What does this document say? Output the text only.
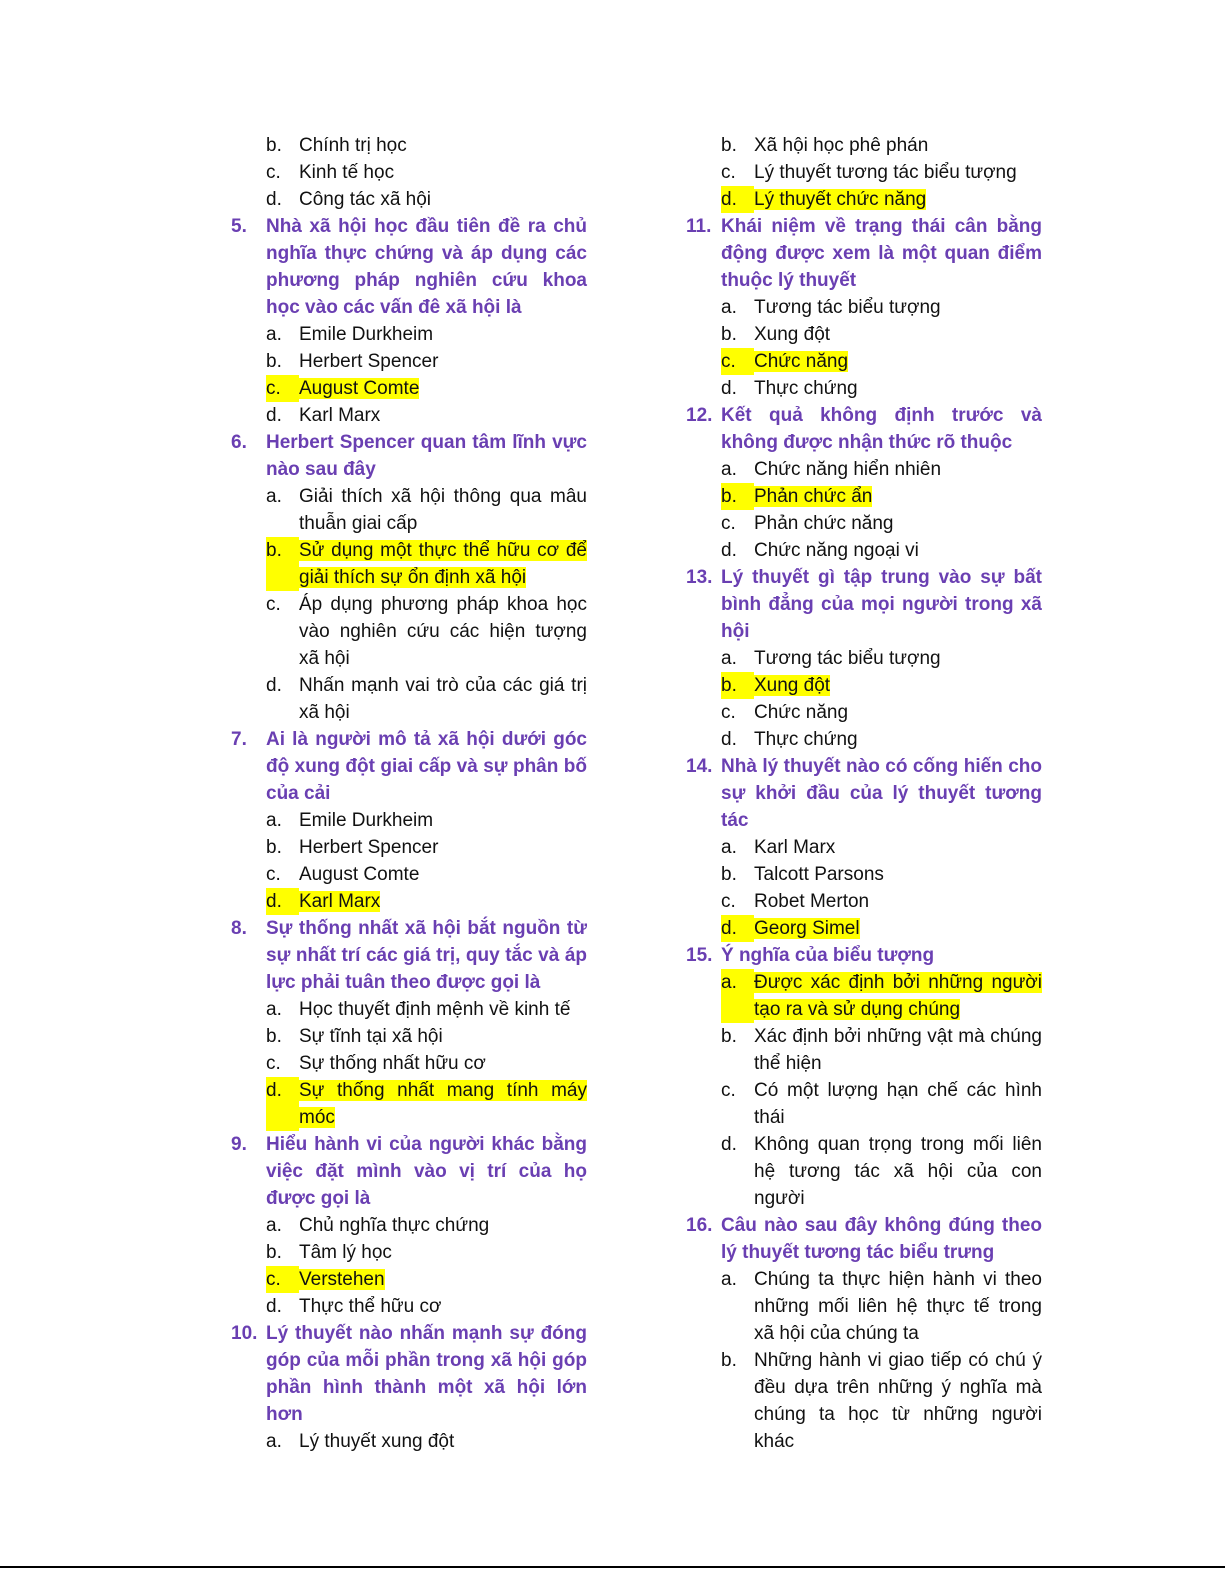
b. Chính trị học
c. Kinh tế học
d. Công tác xã hội
5.	Nhà xã hội học đầu tiên đề ra chủ nghĩa thực chứng và áp dụng các phương pháp nghiên cứu khoa học vào các vấn đê xã hội là
a. Emile Durkheim
b. Herbert Spencer
c. August Comte
d. Karl Marx
6.	Herbert Spencer quan tâm lĩnh vực nào sau đây
a. Giải thích xã hội thông qua mâu thuẫn giai cấp
b. Sử dụng một thực thể hữu cơ để giải thích sự ổn định xã hội
c. Áp dụng phương pháp khoa học vào nghiên cứu các hiện tượng xã hội
d. Nhấn mạnh vai trò của các giá trị xã hội
7.	Ai là người mô tả xã hội dưới góc độ xung đột giai cấp và sự phân bố của cải
a. Emile Durkheim
b. Herbert Spencer
c. August Comte
d. Karl Marx
8.	Sự thống nhất xã hội bắt nguồn từ sự nhất trí các giá trị, quy tắc và áp lực phải tuân theo được gọi là
a. Học thuyết định mệnh về kinh tế
b. Sự tĩnh tại xã hội
c. Sự thống nhất hữu cơ
d. Sự thống nhất mang tính máy móc
9.	Hiểu hành vi của người khác bằng việc đặt mình vào vị trí của họ được gọi là
a. Chủ nghĩa thực chứng
b. Tâm lý học
c. Verstehen
d. Thực thể hữu cơ
10. Lý thuyết nào nhấn mạnh sự đóng góp của mỗi phần trong xã hội góp phần hình thành một xã hội lớn hơn
a. Lý thuyết xung đột
b. Xã hội học phê phán
c. Lý thuyết tương tác biểu tượng
d. Lý thuyết chức năng
11. Khái niệm về trạng thái cân bằng động được xem là một quan điểm thuộc lý thuyết
a. Tương tác biểu tượng
b. Xung đột
c. Chức năng
d. Thực chứng
12. Kết quả không định trước và không được nhận thức rõ thuộc
a. Chức năng hiển nhiên
b. Phản chức ẩn
c. Phản chức năng
d. Chức năng ngoại vi
13. Lý thuyết gì tập trung vào sự bất bình đẳng của mọi người trong xã hội
a. Tương tác biểu tượng
b. Xung đột
c. Chức năng
d. Thực chứng
14. Nhà lý thuyết nào có cống hiến cho sự khởi đầu của lý thuyết tương tác
a. Karl Marx
b. Talcott Parsons
c. Robet Merton
d. Georg Simel
15. Ý nghĩa của biểu tượng
a. Được xác định bởi những người tạo ra và sử dụng chúng
b. Xác định bởi những vật mà chúng thể hiện
c. Có một lượng hạn chế các hình thái
d. Không quan trọng trong mối liên hệ tương tác xã hội của con người
16. Câu nào sau đây không đúng theo lý thuyết tương tác biểu trưng
a. Chúng ta thực hiện hành vi theo những mối liên hệ thực tế trong xã hội của chúng ta
b. Những hành vi giao tiếp có chú ý đều dựa trên những ý nghĩa mà chúng ta học từ những người khác
